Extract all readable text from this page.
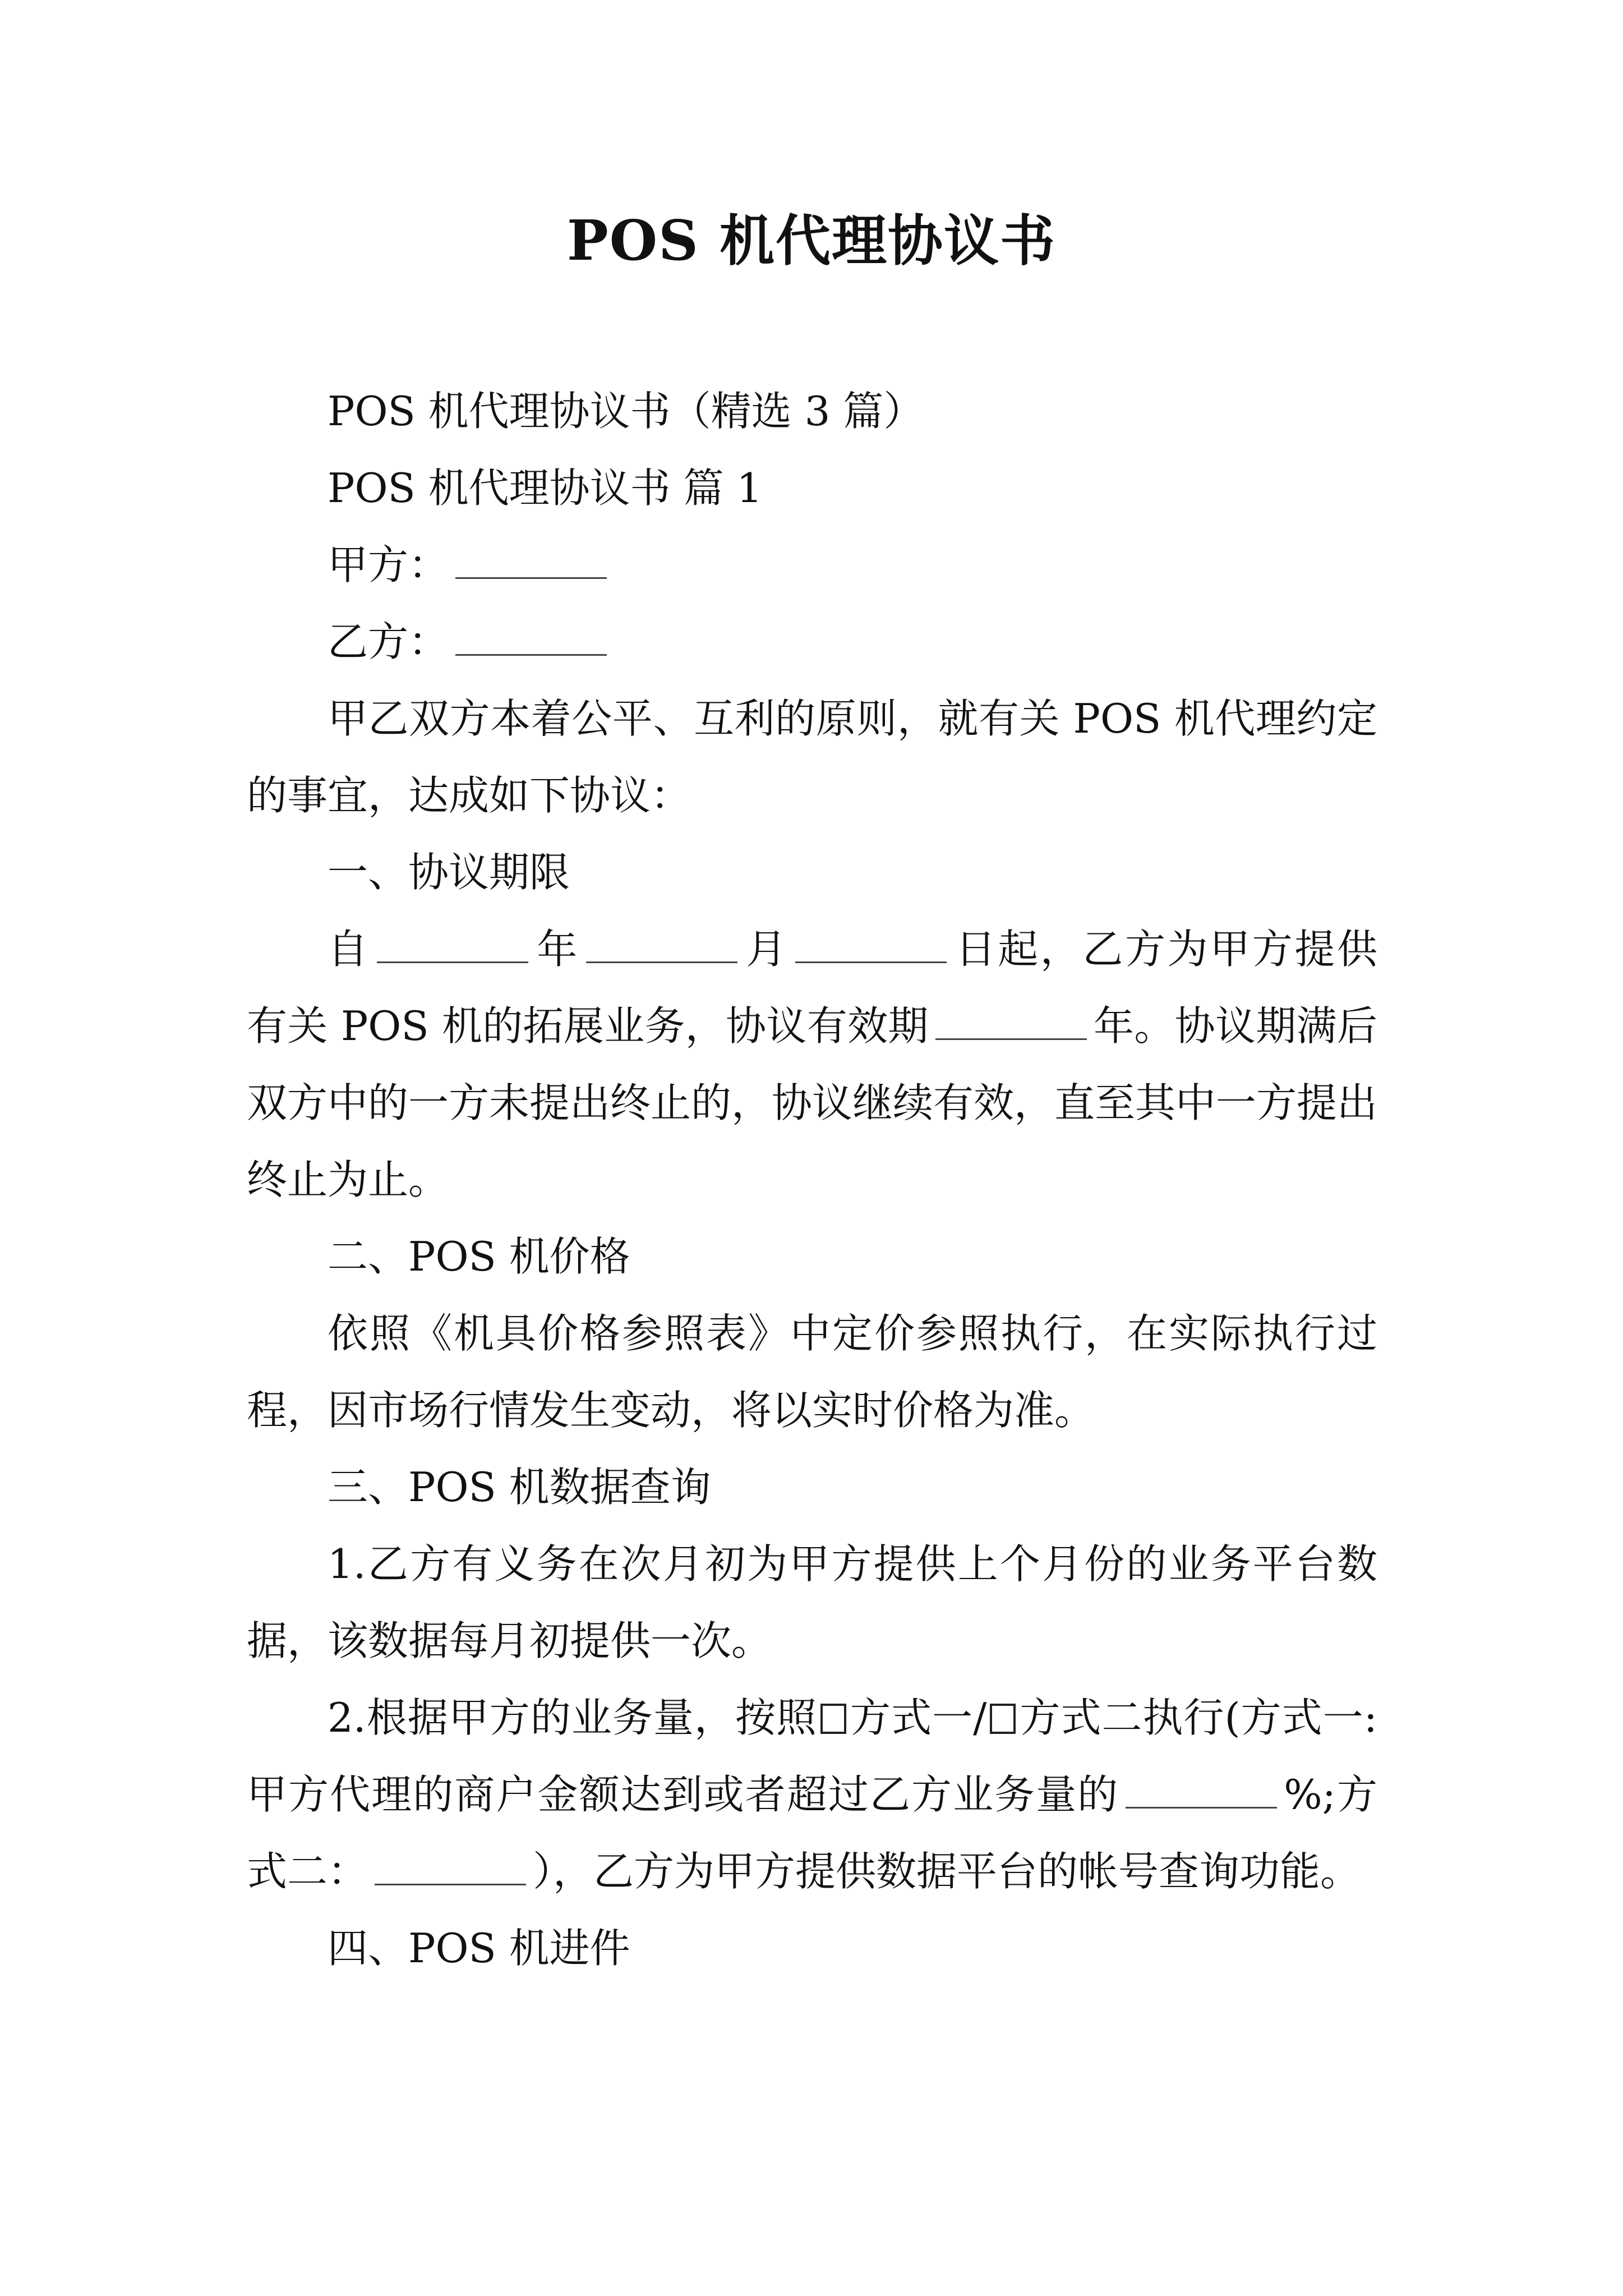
POS 机代理协议书

POS 机代理协议书（精选 3 篇）

POS 机代理协议书 篇 1

甲方：

乙方：

甲乙双方本着公平、互利的原则，就有关 POS 机代理约定的事宜，达成如下协议：

一、协议期限

自	年	月	日起，乙方为甲方提供有关 POS 机的拓展业务，协议有效期	年。协议期满后双方中的一方未提出终止的，协议继续有效，直至其中一方提出终止为止。

二、POS 机价格

依照《机具价格参照表》中定价参照执行，在实际执行过程，因市场行情发生变动，将以实时价格为准。

三、POS 机数据查询

1.乙方有义务在次月初为甲方提供上个月份的业务平台数据，该数据每月初提供一次。

2.根据甲方的业务量，按照 方式一/ 方式二执行(方式一:甲方代理的商户金额达到或者超过乙方业务量的	%;方式二：	），乙方为甲方提供数据平台的帐号查询功能。

四、POS 机进件
